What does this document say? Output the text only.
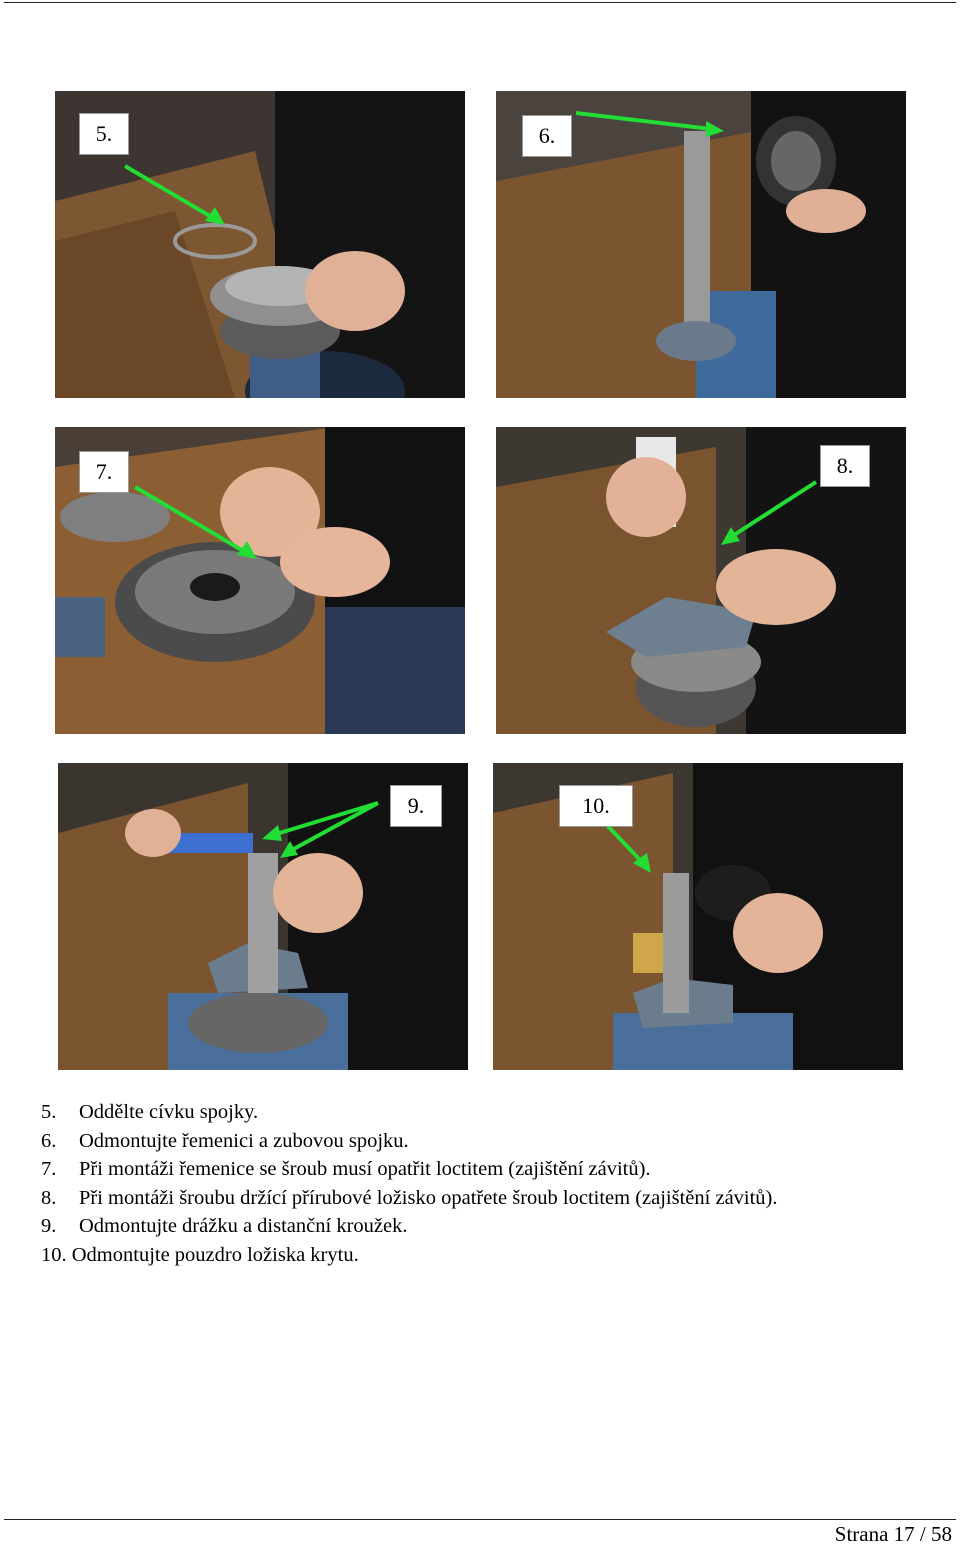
5.	6.
7.	8.
9.	10.
5. Oddělte cívku spojky.
6. Odmontujte řemenici a zubovou spojku.
7. Při montáži řemenice se šroub musí opatřit loctitem (zajištění závitů).
8. Při montáži šroubu držící přírubové ložisko opatřete šroub loctitem (zajištění závitů).
9. Odmontujte drážku a distanční kroužek.
10. Odmontujte pouzdro ložiska krytu.
Strana 17 / 58
